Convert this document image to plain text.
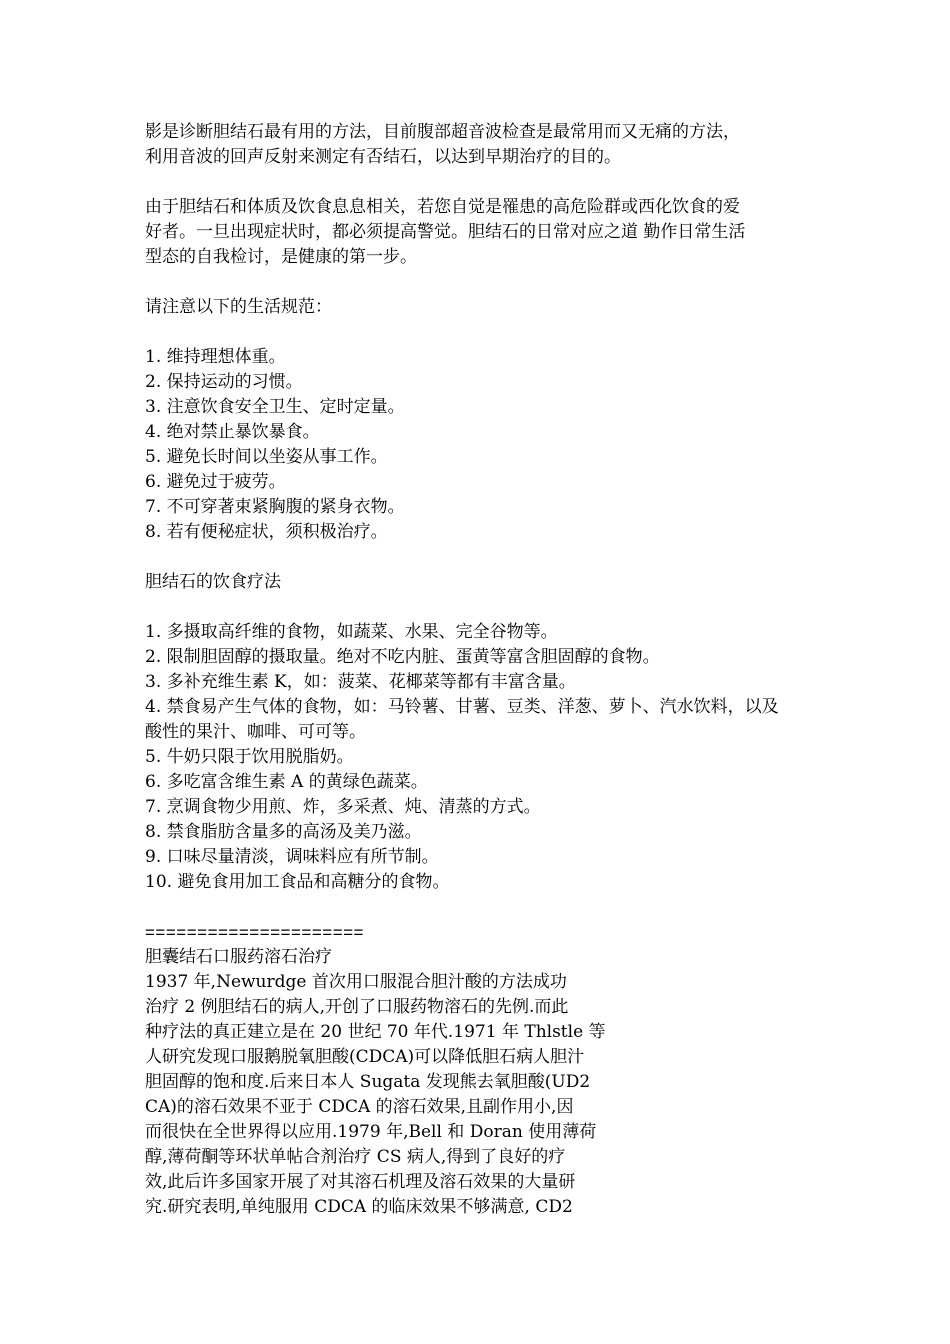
影是诊断胆结石最有用的方法，目前腹部超音波检查是最常用而又无痛的方法，
利用音波的回声反射来测定有否结石，以达到早期治疗的目的。
由于胆结石和体质及饮食息息相关，若您自觉是罹患的高危险群或西化饮食的爱
好者。一旦出现症状时，都必须提高警觉。胆结石的日常对应之道 勤作日常生活
型态的自我检讨，是健康的第一步。
请注意以下的生活规范：
1. 维持理想体重。
2. 保持运动的习惯。
3. 注意饮食安全卫生、定时定量。
4. 绝对禁止暴饮暴食。
5. 避免长时间以坐姿从事工作。
6. 避免过于疲劳。
7. 不可穿著束紧胸腹的紧身衣物。
8. 若有便秘症状，须积极治疗。
胆结石的饮食疗法
1. 多摄取高纤维的食物，如蔬菜、水果、完全谷物等。
2. 限制胆固醇的摄取量。绝对不吃内脏、蛋黄等富含胆固醇的食物。
3. 多补充维生素 K，如：菠菜、花椰菜等都有丰富含量。
4. 禁食易产生气体的食物，如：马铃薯、甘薯、豆类、洋葱、萝卜、汽水饮料，以及
酸性的果汁、咖啡、可可等。
5. 牛奶只限于饮用脱脂奶。
6. 多吃富含维生素 A 的黄绿色蔬菜。
7. 烹调食物少用煎、炸，多采煮、炖、清蒸的方式。
8. 禁食脂肪含量多的高汤及美乃滋。
9. 口味尽量清淡，调味料应有所节制。
10. 避免食用加工食品和高糖分的食物。
=====================
胆囊结石口服药溶石治疗
1937 年,Newurdge 首次用口服混合胆汁酸的方法成功
治疗 2 例胆结石的病人,开创了口服药物溶石的先例.而此
种疗法的真正建立是在 20 世纪 70 年代.1971 年 Thlstle 等
人研究发现口服鹅脱氧胆酸(CDCA)可以降低胆石病人胆汁
胆固醇的饱和度.后来日本人 Sugata 发现熊去氧胆酸(UD2
CA)的溶石效果不亚于 CDCA 的溶石效果,且副作用小,因
而很快在全世界得以应用.1979 年,Bell 和 Doran 使用薄荷
醇,薄荷酮等环状单帖合剂治疗 CS 病人,得到了良好的疗
效,此后许多国家开展了对其溶石机理及溶石效果的大量研
究.研究表明,单纯服用 CDCA 的临床效果不够满意, CD2
